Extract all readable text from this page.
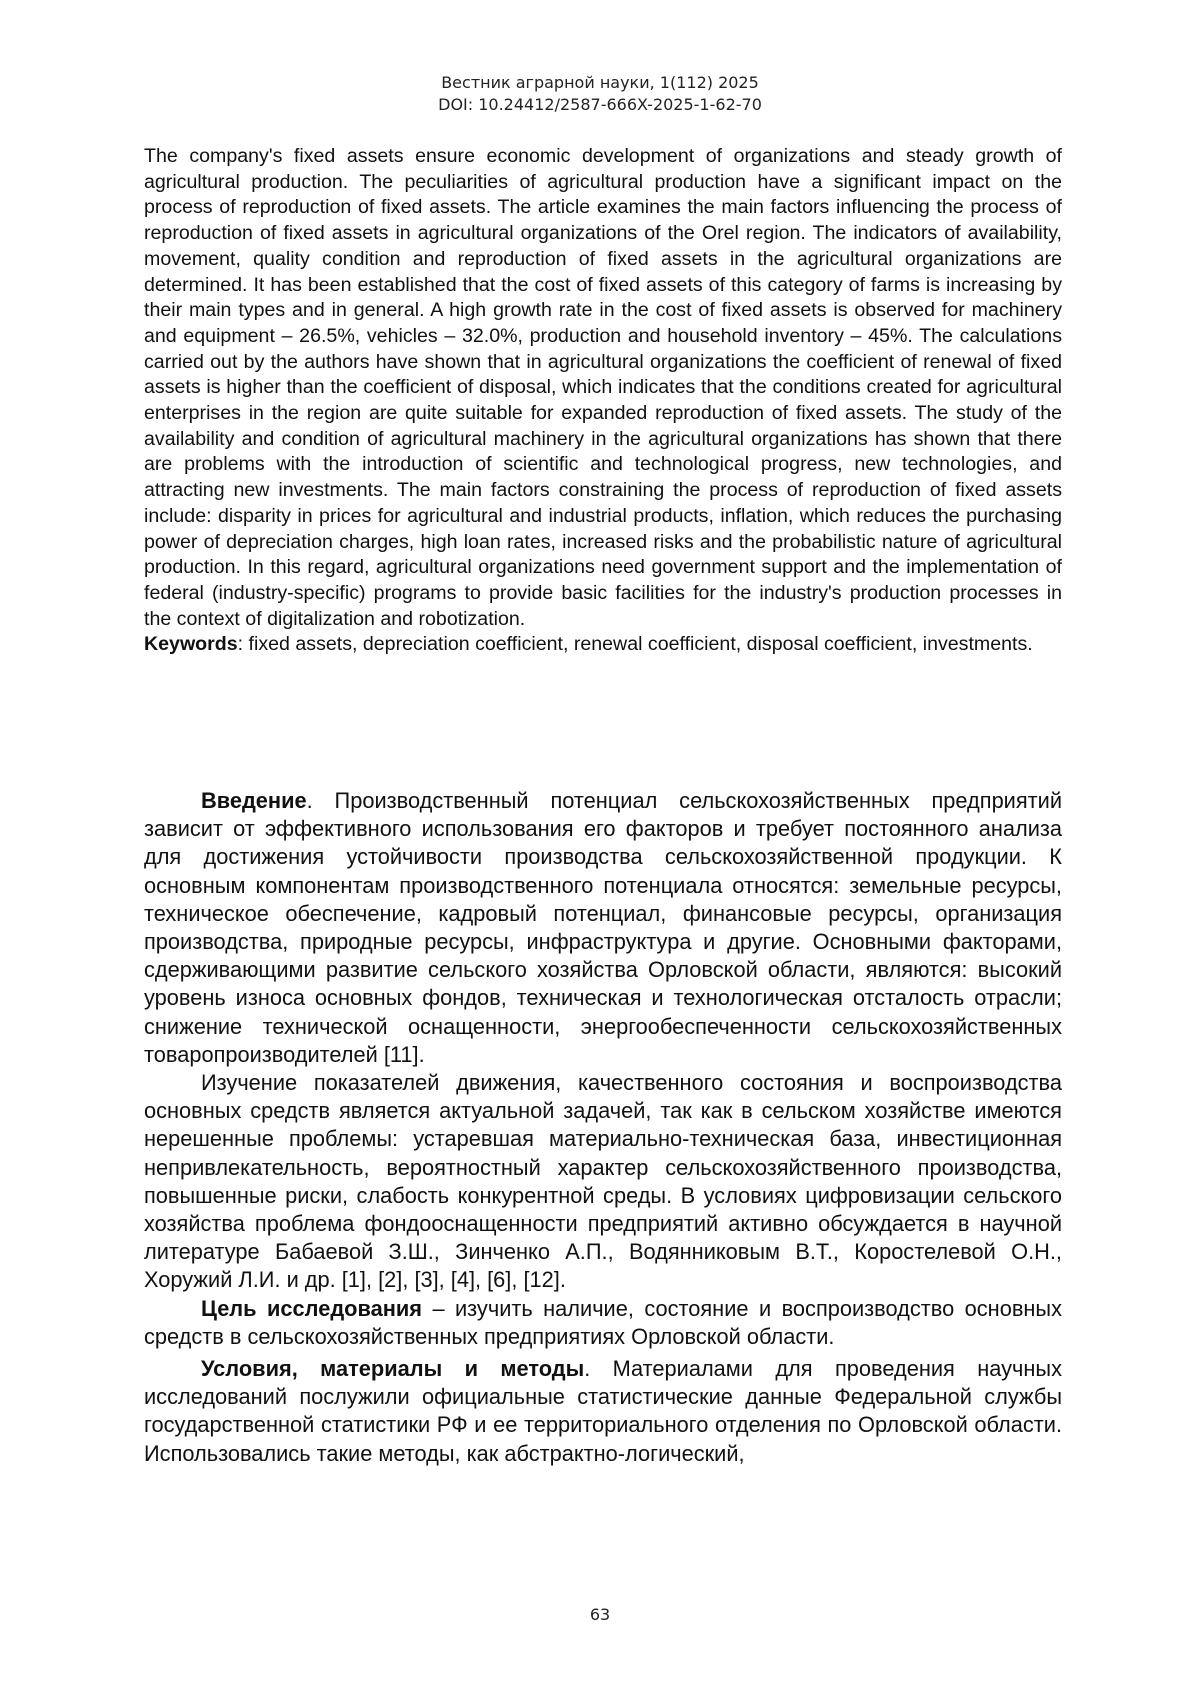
Вестник аграрной науки, 1(112) 2025
DOI: 10.24412/2587-666X-2025-1-62-70

The company's fixed assets ensure economic development of organizations and steady growth of agricultural production. The peculiarities of agricultural production have a significant impact on the process of reproduction of fixed assets. The article examines the main factors influencing the process of reproduction of fixed assets in agricultural organizations of the Orel region. The indicators of availability, movement, quality condition and reproduction of fixed assets in the agricultural organizations are determined. It has been established that the cost of fixed assets of this category of farms is increasing by their main types and in general. A high growth rate in the cost of fixed assets is observed for machinery and equipment – 26.5%, vehicles – 32.0%, production and household inventory – 45%. The calculations carried out by the authors have shown that in agricultural organizations the coefficient of renewal of fixed assets is higher than the coefficient of disposal, which indicates that the conditions created for agricultural enterprises in the region are quite suitable for expanded reproduction of fixed assets. The study of the availability and condition of agricultural machinery in the agricultural organizations has shown that there are problems with the introduction of scientific and technological progress, new technologies, and attracting new investments. The main factors constraining the process of reproduction of fixed assets include: disparity in prices for agricultural and industrial products, inflation, which reduces the purchasing power of depreciation charges, high loan rates, increased risks and the probabilistic nature of agricultural production. In this regard, agricultural organizations need government support and the implementation of federal (industry-specific) programs to provide basic facilities for the industry's production processes in the context of digitalization and robotization.

Keywords: fixed assets, depreciation coefficient, renewal coefficient, disposal coefficient, investments.

Введение. Производственный потенциал сельскохозяйственных предприятий зависит от эффективного использования его факторов и требует постоянного анализа для достижения устойчивости производства сельскохозяйственной продукции. К основным компонентам производственного потенциала относятся: земельные ресурсы, техническое обеспечение, кадровый потенциал, финансовые ресурсы, организация производства, природные ресурсы, инфраструктура и другие. Основными факторами, сдерживающими развитие сельского хозяйства Орловской области, являются: высокий уровень износа основных фондов, техническая и технологическая отсталость отрасли; снижение технической оснащенности, энергообеспеченности сельскохозяйственных товаропроизводителей [11].

Изучение показателей движения, качественного состояния и воспроизводства основных средств является актуальной задачей, так как в сельском хозяйстве имеются нерешенные проблемы: устаревшая материально-техническая база, инвестиционная непривлекательность, вероятностный характер сельскохозяйственного производства, повышенные риски, слабость конкурентной среды. В условиях цифровизации сельского хозяйства проблема фондооснащенности предприятий активно обсуждается в научной литературе Бабаевой З.Ш., Зинченко А.П., Водянниковым В.Т., Коростелевой О.Н., Хоружий Л.И. и др. [1], [2], [3], [4], [6], [12].

Цель исследования – изучить наличие, состояние и воспроизводство основных средств в сельскохозяйственных предприятиях Орловской области.

Условия, материалы и методы. Материалами для проведения научных исследований послужили официальные статистические данные Федеральной службы государственной статистики РФ и ее территориального отделения по Орловской области. Использовались такие методы, как абстрактно-логический,

63
